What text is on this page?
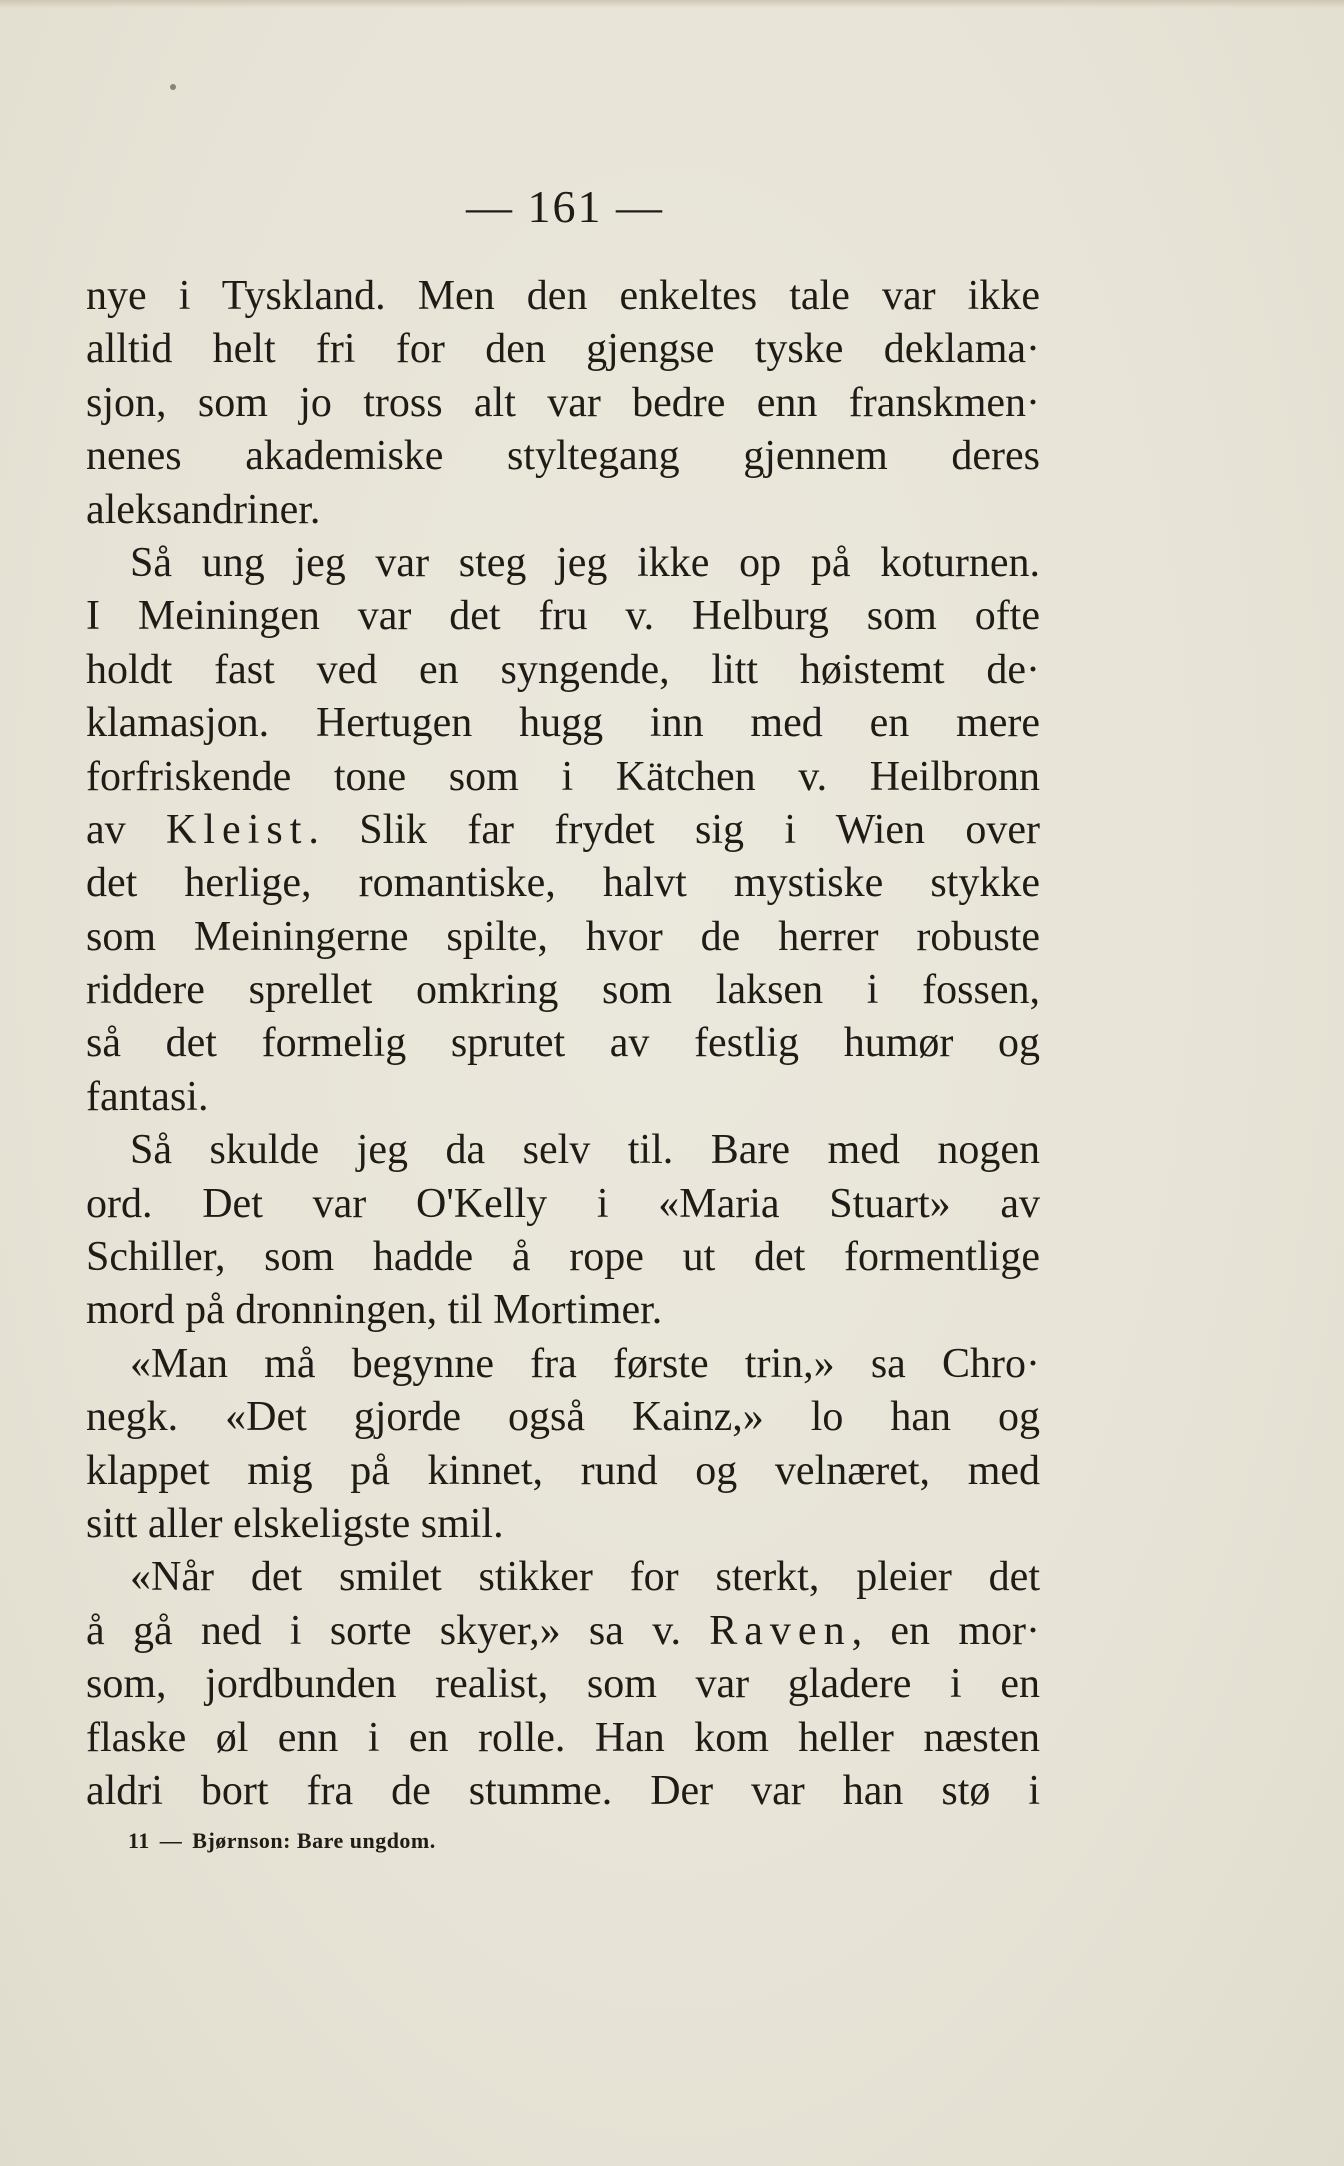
— 161 —
nye i Tyskland. Men den enkeltes tale var ikke
alltid helt fri for den gjengse tyske deklama·
sjon, som jo tross alt var bedre enn franskmen·
nenes akademiske styltegang gjennem deres
aleksandriner.
Så ung jeg var steg jeg ikke op på koturnen.
I Meiningen var det fru v. Helburg som ofte
holdt fast ved en syngende, litt høistemt de·
klamasjon. Hertugen hugg inn med en mere
forfriskende tone som i Kätchen v. Heilbronn
av Kleist. Slik far frydet sig i Wien over
det herlige, romantiske, halvt mystiske stykke
som Meiningerne spilte, hvor de herrer robuste
riddere sprellet omkring som laksen i fossen,
så det formelig sprutet av festlig humør og
fantasi.
Så skulde jeg da selv til. Bare med nogen
ord. Det var O'Kelly i «Maria Stuart» av
Schiller, som hadde å rope ut det formentlige
mord på dronningen, til Mortimer.
«Man må begynne fra første trin,» sa Chro·
negk. «Det gjorde også Kainz,» lo han og
klappet mig på kinnet, rund og velnæret, med
sitt aller elskeligste smil.
«Når det smilet stikker for sterkt, pleier det
å gå ned i sorte skyer,» sa v. Raven, en mor·
som, jordbunden realist, som var gladere i en
flaske øl enn i en rolle. Han kom heller næsten
aldri bort fra de stumme. Der var han stø i
11 — Bjørnson: Bare ungdom.
